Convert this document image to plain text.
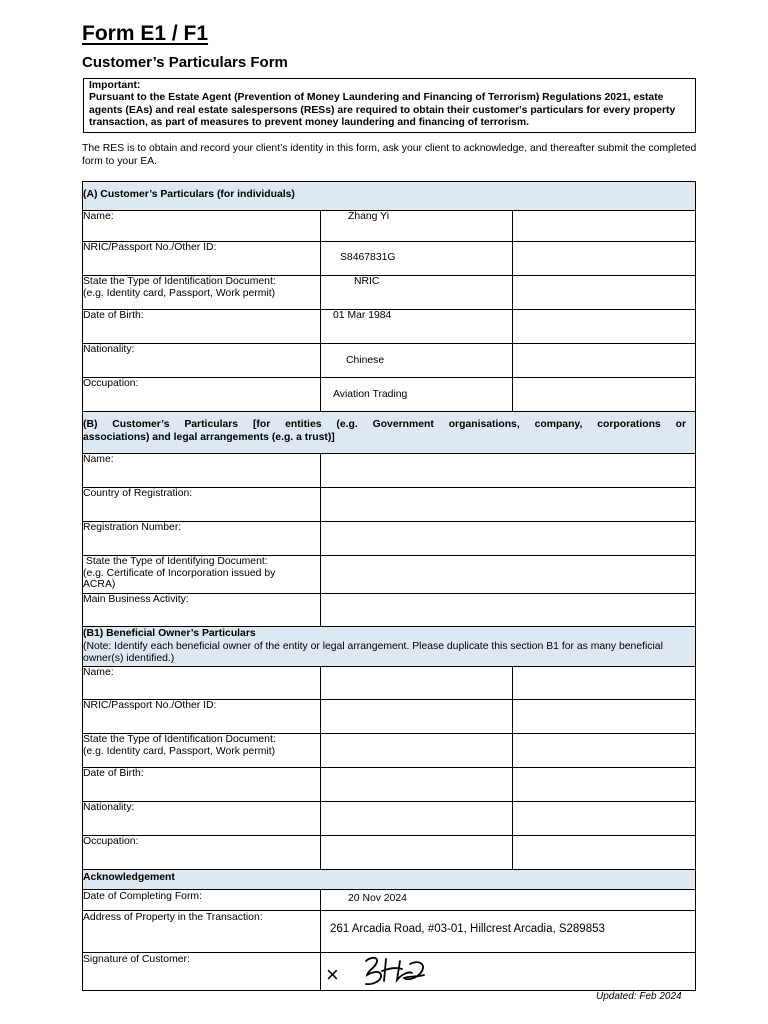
Form E1 / F1
Customer’s Particulars Form
Important:
Pursuant to the Estate Agent (Prevention of Money Laundering and Financing of Terrorism) Regulations 2021, estate agents (EAs) and real estate salespersons (RESs) are required to obtain their customer's particulars for every property transaction, as part of measures to prevent money laundering and financing of terrorism.
The RES is to obtain and record your client’s identity in this form, ask your client to acknowledge, and thereafter submit the completed form to your EA.
(A) Customer’s Particulars (for individuals)		
Name:	Zhang Yi	
NRIC/Passport No./Other ID:	S8467831G	

State the Type of Identification Document:
(e.g. Identity card, Passport, Work permit)	NRIC	
Date of Birth:	01 Mar 1984	
Nationality:	Chinese	
Occupation:	Aviation Trading	

(B) Customer’s Particulars [for entities (e.g. Government organisations, company, corporations or
associations) and legal arrangements (e.g. a trust)]		

Name:		
Country of Registration:		
Registration Number:		

State the Type of Identifying Document:
(e.g. Certificate of Incorporation issued by
ACRA)		

Main Business Activity:		

(B1) Beneficial Owner’s Particulars
(Note: Identify each beneficial owner of the entity or legal arrangement. Please duplicate this section B1 for as many beneficial owner(s) identified.)		

Name:		
NRIC/Passport No./Other ID:		

State the Type of Identification Document:
(e.g. Identity card, Passport, Work permit)		

Date of Birth:		
Nationality:		
Occupation:		
Acknowledgement		
Date of Completing Form:	20 Nov 2024	
Address of Property in the Transaction:	261 Arcadia Road, #03-01, Hillcrest Arcadia, S289853	
Signature of Customer:		
×
Updated: Feb 2024
